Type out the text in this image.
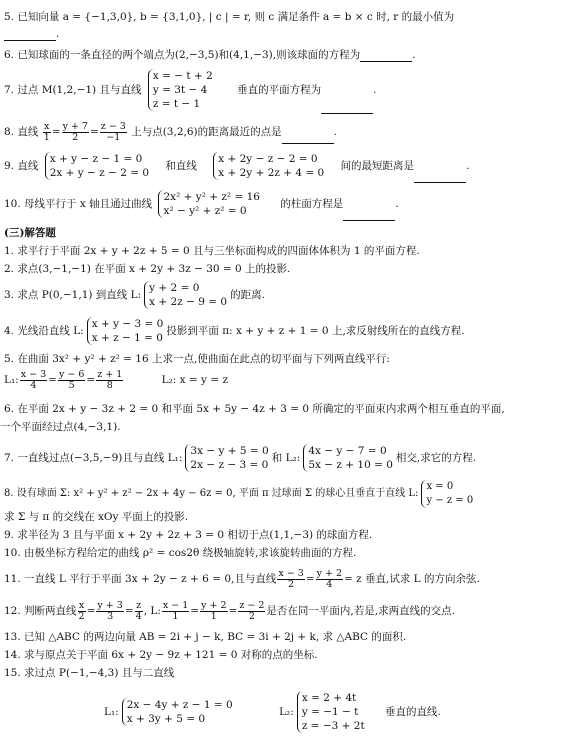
5. 已知向量 a = {−1,3,0}, b = {3,1,0}, | c | = r, 则 c 满足条件 a = b × c 时, r 的最小值为
.
6. 已知球面的一条直径的两个端点为(2,−3,5)和(4,1,−3),则该球面的方程为	.
7. 过点 M(1,2,−1) 且与直线
x = − t + 2
y = 3t − 4
z = t − 1
垂直的平面方程为	.
8. 直线 $\frac{x}{1} = \frac{y + 7}{2} = \frac{z - 3}{-1}$ 上与点(3,2,6)的距离最近的点是	.
9. 直线
x + y − z − 1 = 0
2x + y − z − 2 = 0
和直线
x + 2y − z − 2 = 0
x + 2y + 2z + 4 = 0
间的最短距离是	.
10. 母线平行于 x 轴且通过曲线
2x² + y² + z² = 16
x² − y² + z² = 0
的柱面方程是	.
(三)解答题
1. 求平行于平面 2x + y + 2z + 5 = 0 且与三坐标面构成的四面体体积为 1 的平面方程.
2. 求点(3,−1,−1) 在平面 x + 2y + 3z − 30 = 0 上的投影.
3. 求点 P(0,−1,1) 到直线 L:
y + 2 = 0
x + 2z − 9 = 0
的距离.
4. 光线沿直线 L:
x + y − 3 = 0
x + z − 1 = 0
投影到平面 π: x + y + z + 1 = 0 上,求反射线所在的直线方程.
5. 在曲面 3x² + y² + z² = 16 上求一点,使曲面在此点的切平面与下列两直线平行:
L₁: $\frac{x - 3}{4} = \frac{y - 6}{5} = \frac{z + 1}{8}$	L₂: x = y = z
6. 在平面 2x + y − 3z + 2 = 0 和平面 5x + 5y − 4z + 3 = 0 所确定的平面束内求两个相互垂直的平面,
一个平面经过点(4,−3,1).
7. 一直线过点(−3,5,−9)且与直线 L₁:
3x − y + 5 = 0
2x − z − 3 = 0
和 L₂:
4x − y − 7 = 0
5x − z + 10 = 0
相交,求它的方程.
8. 设有球面 Σ: x² + y² + z² − 2x + 4y − 6z = 0, 平面 π 过球面 Σ 的球心且垂直于直线 L:
x = 0
y − z = 0
求 Σ 与 π 的交线在 xOy 平面上的投影.
9. 求半径为 3 且与平面 x + 2y + 2z + 3 = 0 相切于点(1,1,−3) 的球面方程.
10. 由极坐标方程给定的曲线 ρ² = cos2θ 绕极轴旋转,求该旋转曲面的方程.
11. 一直线 L 平行于平面 3x + 2y − z + 6 = 0,且与直线 $\frac{x - 3}{2} = \frac{y + 2}{4} = z$ 垂直,试求 L 的方向余弦.
12. 判断两直线 $\frac{x}{2} = \frac{y + 3}{3} = \frac{z}{4}$ , L: $\frac{x - 1}{1} = \frac{y + 2}{1} = \frac{z - 2}{2}$ 是否在同一平面内,若是,求两直线的交点.
13. 已知 △ABC 的两边向量 AB = 2i + j − k, BC = 3i + 2j + k, 求 △ABC 的面积.
14. 求与原点关于平面 6x + 2y − 9z + 121 = 0 对称的点的坐标.
15. 求过点 P(−1,−4,3) 且与二直线
L₁:
2x − 4y + z − 1 = 0
x + 3y + 5 = 0
L₂:
x = 2 + 4t
y = −1 − t
z = −3 + 2t
垂直的直线.
